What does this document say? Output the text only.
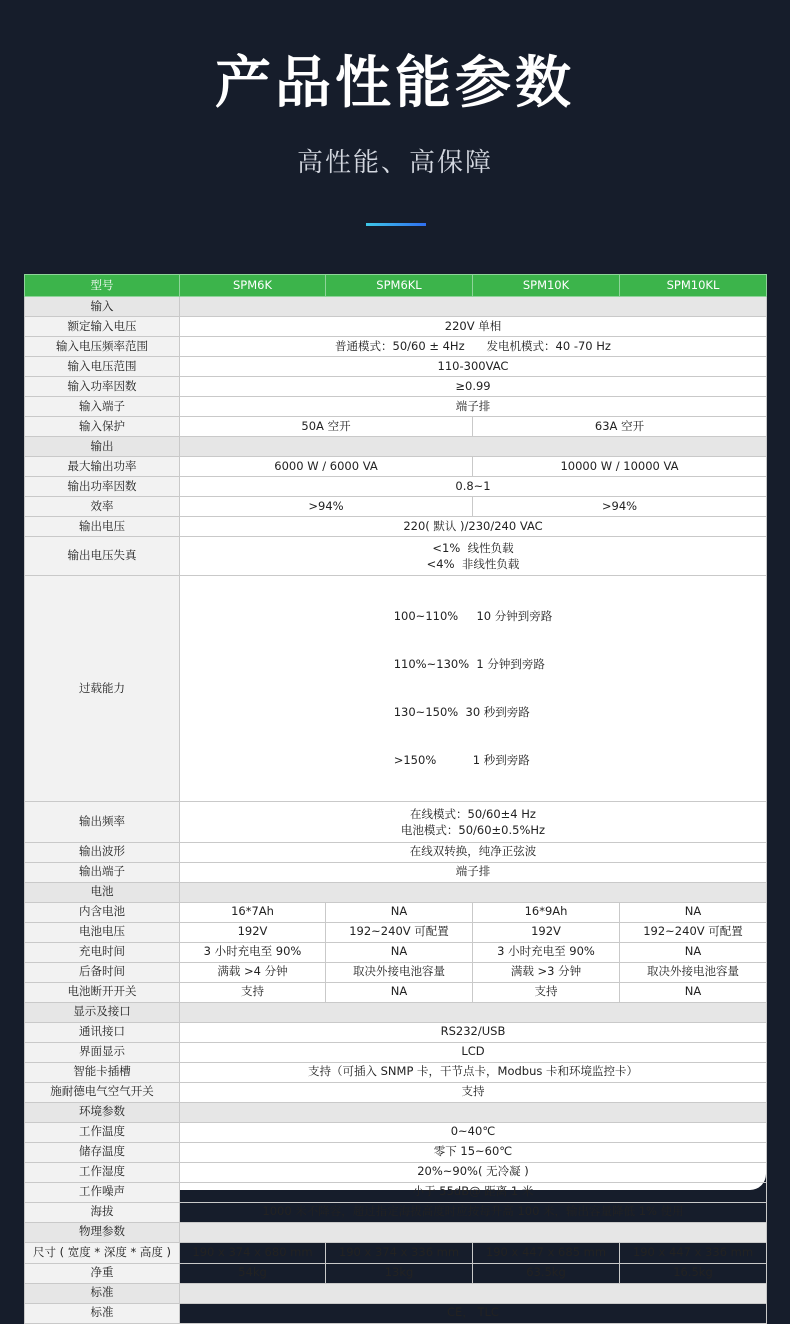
产品性能参数
高性能、高保障
型号	SPM6K	SPM6KL	SPM10K	SPM10KL
输入				
额定输入电压	220V 单相			
输入电压频率范围	普通模式：50/60 ± 4Hz      发电机模式：40 -70 Hz			
输入电压范围	110-300VAC			
输入功率因数	≥0.99			
输入端子	端子排			
输入保护	50A 空开		63A 空开	
输出				
最大输出功率	6000 W / 6000 VA		10000 W / 10000 VA	
输出功率因数	0.8~1			
效率	>94%		>94%	
输出电压	220( 默认 )/230/240 VAC			
输出电压失真	<1%  线性负载
<4%  非线性负载			

过载能力	100~110%     10 分钟到旁路

110%~130%  1 分钟到旁路

130~150%  30 秒到旁路

>150%          1 秒到旁路			

输出频率	在线模式：50/60±4 Hz
电池模式：50/60±0.5%Hz			

输出波形	在线双转换，纯净正弦波			
输出端子	端子排			
电池				
内含电池	16*7Ah	NA	16*9Ah	NA
电池电压	192V	192~240V 可配置	192V	192~240V 可配置
充电时间	3 小时充电至 90%	NA	3 小时充电至 90%	NA
后备时间	满载 >4 分钟	取决外接电池容量	满载 >3 分钟	取决外接电池容量
电池断开开关	支持	NA	支持	NA
显示及接口				
通讯接口	RS232/USB			
界面显示	LCD			
智能卡插槽	支持（可插入 SNMP 卡，干节点卡，Modbus 卡和环境监控卡）			
施耐德电气空气开关	支持			
环境参数				
工作温度	0~40℃			
储存温度	零下 15~60℃			
工作湿度	20%~90%( 无冷凝 )			
工作噪声	小于 55dB@ 距离 1 米			
海拔	1000 米不降容，超过指定海拔高度时应按每升高 100 米，输出容量降低 1% 使用			
物理参数				
尺寸 ( 宽度 * 深度 * 高度 )	190 x 374 x 680 mm	190 x 374 x 336 mm	190 x 447 x 685 mm	190 x 447 x 336 mm
净重	54kg	13kg	63.5kg	16.5kg
标准				
标准	CE， TLC			
